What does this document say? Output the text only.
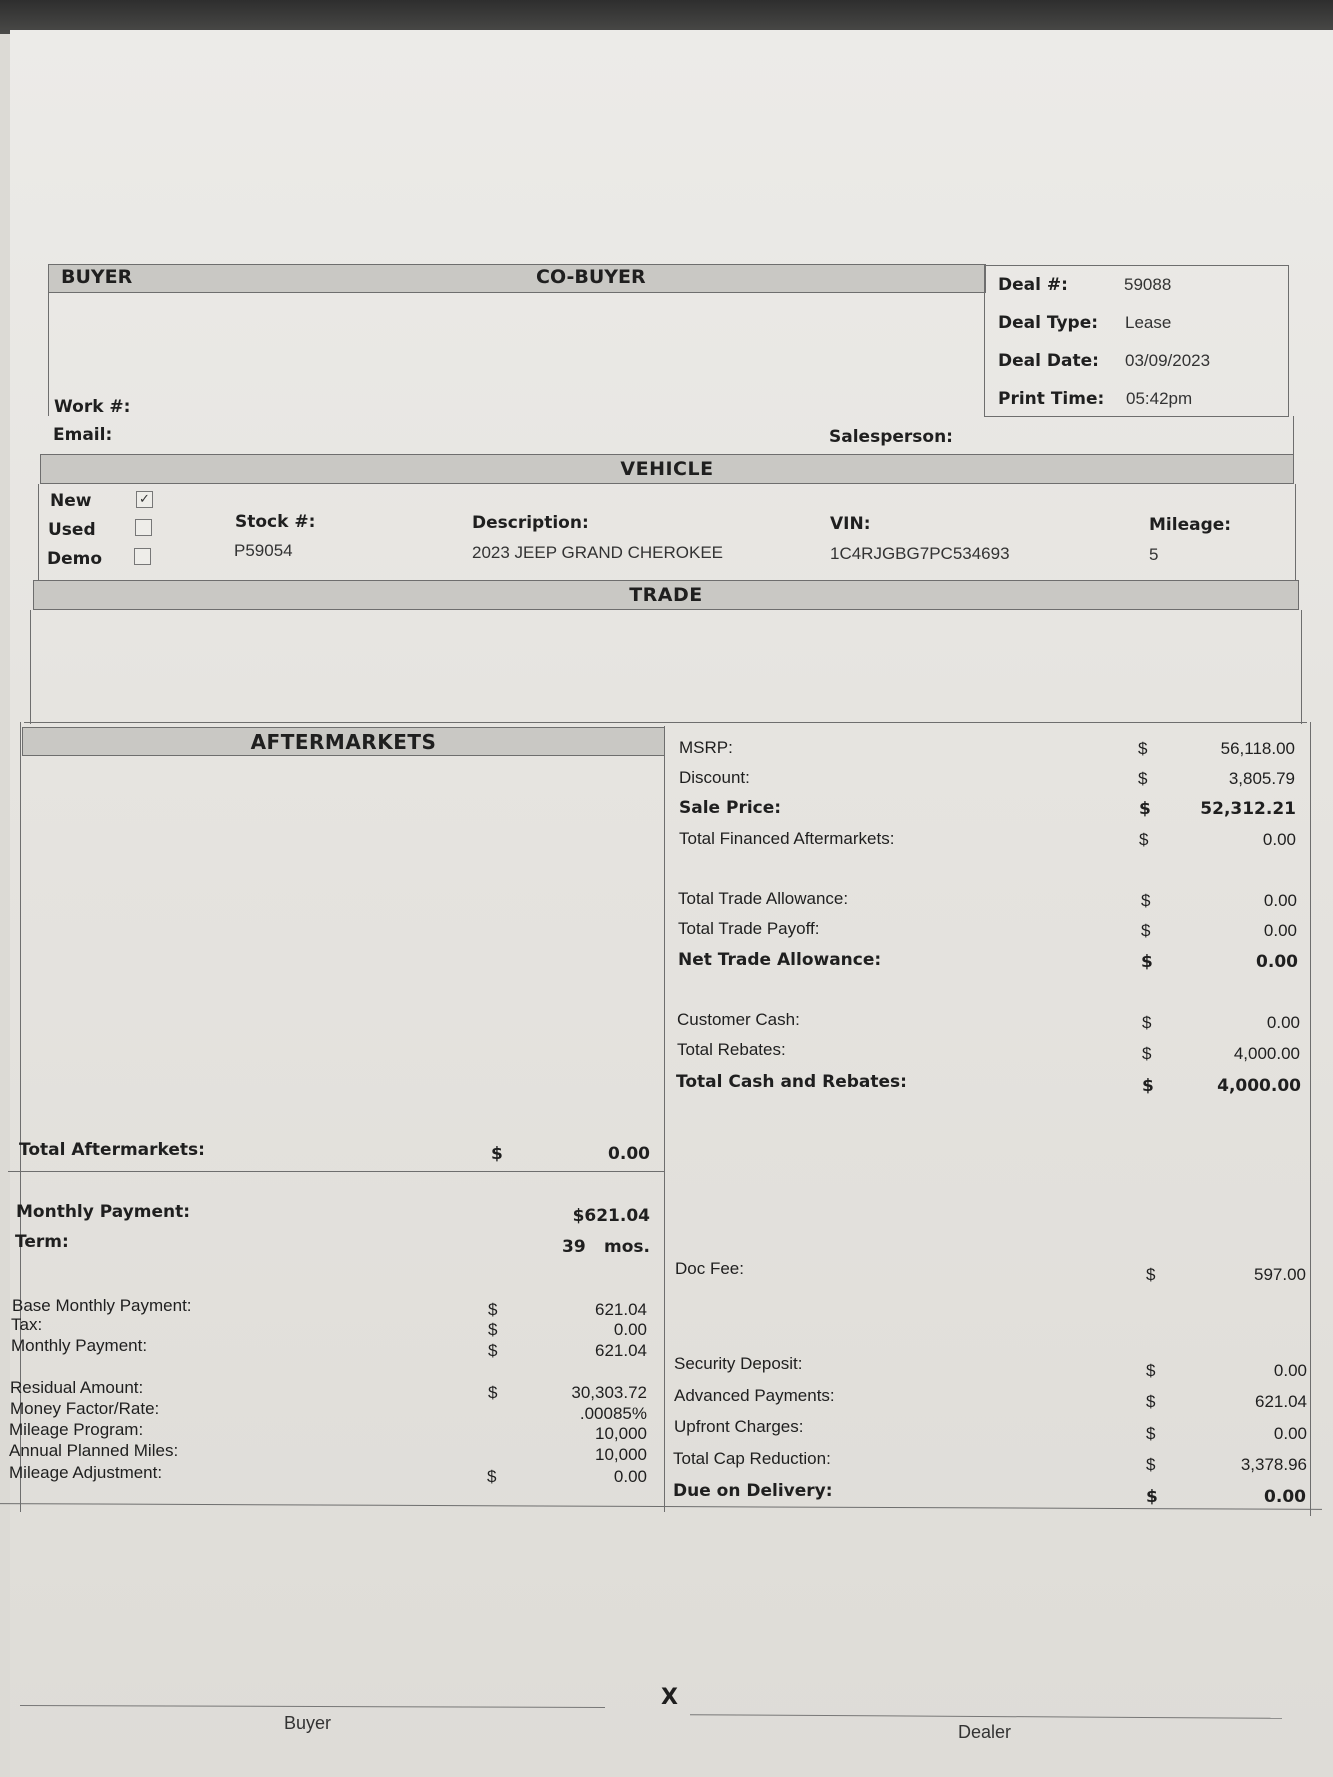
BUYER	CO-BUYER
Work #:
Email:	Salesperson:
Deal #:	59088
Deal Type: Lease
Deal Date: 03/09/2023
Print Time: 05:42pm
VEHICLE
New	✓
Used
Demo
Stock #:
P59054
Description:
2023 JEEP GRAND CHEROKEE
VIN:
1C4RJGBG7PC534693
Mileage:
5
TRADE
AFTERMARKETS
Total Aftermarkets:	$	0.00
Monthly Payment:	$621.04
Term:	39 mos.
Base Monthly Payment:	$	621.04
Tax:	$	0.00
Monthly Payment:	$	621.04
Residual Amount:	$	30,303.72
Money Factor/Rate:	.00085%
Mileage Program:	10,000
Annual Planned Miles:	10,000
Mileage Adjustment:	$	0.00
MSRP:	$	56,118.00
Discount:	$	3,805.79
Sale Price:	$	52,312.21
Total Financed Aftermarkets:	$	0.00
Total Trade Allowance:	$	0.00
Total Trade Payoff:	$	0.00
Net Trade Allowance:	$	0.00
Customer Cash:	$	0.00
Total Rebates:	$	4,000.00
Total Cash and Rebates:	$	4,000.00
Doc Fee:	$	597.00
Security Deposit:	$	0.00
Advanced Payments:	$	621.04
Upfront Charges:	$	0.00
Total Cap Reduction:	$	3,378.96
Due on Delivery:	$	0.00
X
Buyer	Dealer
